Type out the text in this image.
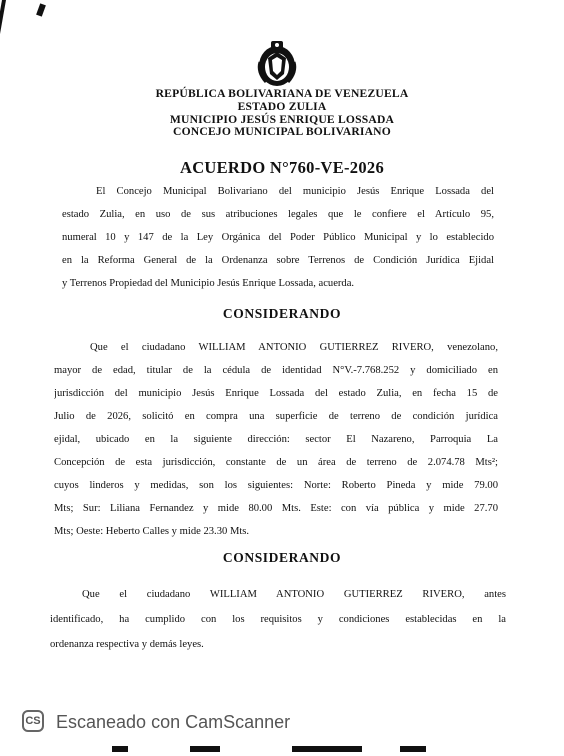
REPÚBLICA BOLIVARIANA DE VENEZUELA
ESTADO ZULIA
MUNICIPIO JESÚS ENRIQUE LOSSADA
CONCEJO MUNICIPAL BOLIVARIANO
ACUERDO N°760-VE-2026
El Concejo Municipal Bolivariano del municipio Jesús Enrique Lossada del
estado Zulia, en uso de sus atribuciones legales que le confiere el Artículo 95,
numeral 10 y 147 de la Ley Orgánica del Poder Público Municipal y lo establecido
en la Reforma General de la Ordenanza sobre Terrenos de Condición Jurídica Ejidal
y Terrenos Propiedad del Municipio Jesús Enrique Lossada, acuerda.
CONSIDERANDO
Que el ciudadano WILLIAM ANTONIO GUTIERREZ RIVERO, venezolano,
mayor de edad, titular de la cédula de identidad N°V.-7.768.252 y domiciliado en
jurisdicción del municipio Jesús Enrique Lossada del estado Zulia, en fecha 15 de
Julio de 2026, solicitó en compra una superficie de terreno de condición jurídica
ejidal, ubicado en la siguiente dirección: sector El Nazareno, Parroquia La
Concepción de esta jurisdicción, constante de un área de terreno de 2.074.78 Mts²;
cuyos linderos y medidas, son los siguientes: Norte: Roberto Pineda y mide 79.00
Mts; Sur: Liliana Fernandez y mide 80.00 Mts. Este: con vía pública y mide 27.70
Mts; Oeste: Heberto Calles y mide 23.30 Mts.
CONSIDERANDO
Que el ciudadano WILLIAM ANTONIO GUTIERREZ RIVERO, antes
identificado, ha cumplido con los requisitos y condiciones establecidas en la
ordenanza respectiva y demás leyes.
CS Escaneado con CamScanner
